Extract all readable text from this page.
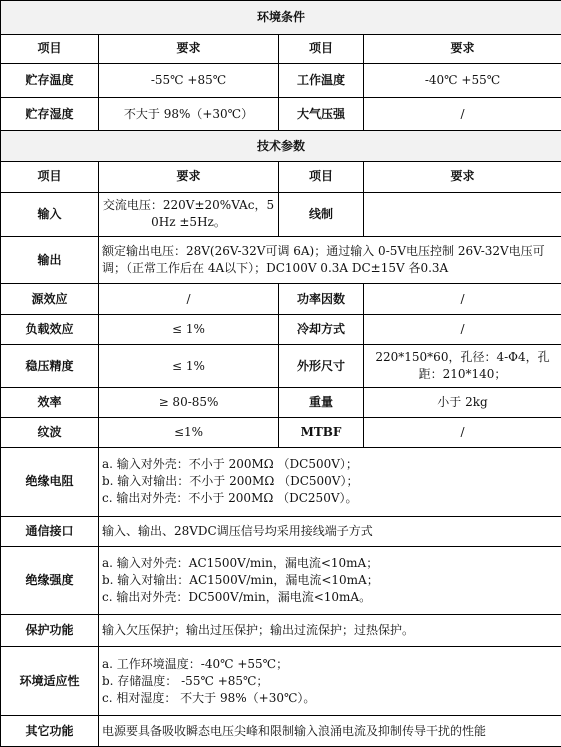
环境条件			
项目	要求	项目	要求
贮存温度	-55℃ +85℃	工作温度	-40℃ +55℃
贮存湿度	不大于 98%（+30℃）	大气压强	/
技术参数			
项目	要求	项目	要求
输入	交流电压：220V±20%VAc，50Hz ±5Hz。	线制	
输出	额定输出电压：28V(26V-32V可调 6A)；通过输入 0-5V电压控制 26V-32V电压可调；（正常工作后在 4A以下）；DC100V 0.3A DC±15V 各0.3A		
源效应	/	功率因数	/
负载效应	≤ 1%	冷却方式	/
稳压精度	≤ 1%	外形尺寸	220*150*60，孔径：4-Φ4，孔距：210*140；
效率	≥ 80-85%	重量	小于 2kg
纹波	≤1%	MTBF	/
绝缘电阻	a. 输入对外壳：不小于 200MΩ （DC500V）；
b. 输入对输出：不小于 200MΩ （DC500V）；
c. 输出对外壳：不小于 200MΩ （DC250V）。		

通信接口	输入、输出、28VDC调压信号均采用接线端子方式		
绝缘强度	a. 输入对外壳：AC1500V/min，漏电流<10mA；
b. 输入对输出：AC1500V/min，漏电流<10mA；
c. 输出对外壳：DC500V/min，漏电流<10mA。		

保护功能	输入欠压保护；输出过压保护；输出过流保护；过热保护。		
环境适应性	a. 工作环境温度：-40℃ +55℃；
b. 存储温度： -55℃ +85℃；
c. 相对湿度： 不大于 98%（+30℃）。		

其它功能	电源要具备吸收瞬态电压尖峰和限制输入浪涌电流及抑制传导干扰的性能		
